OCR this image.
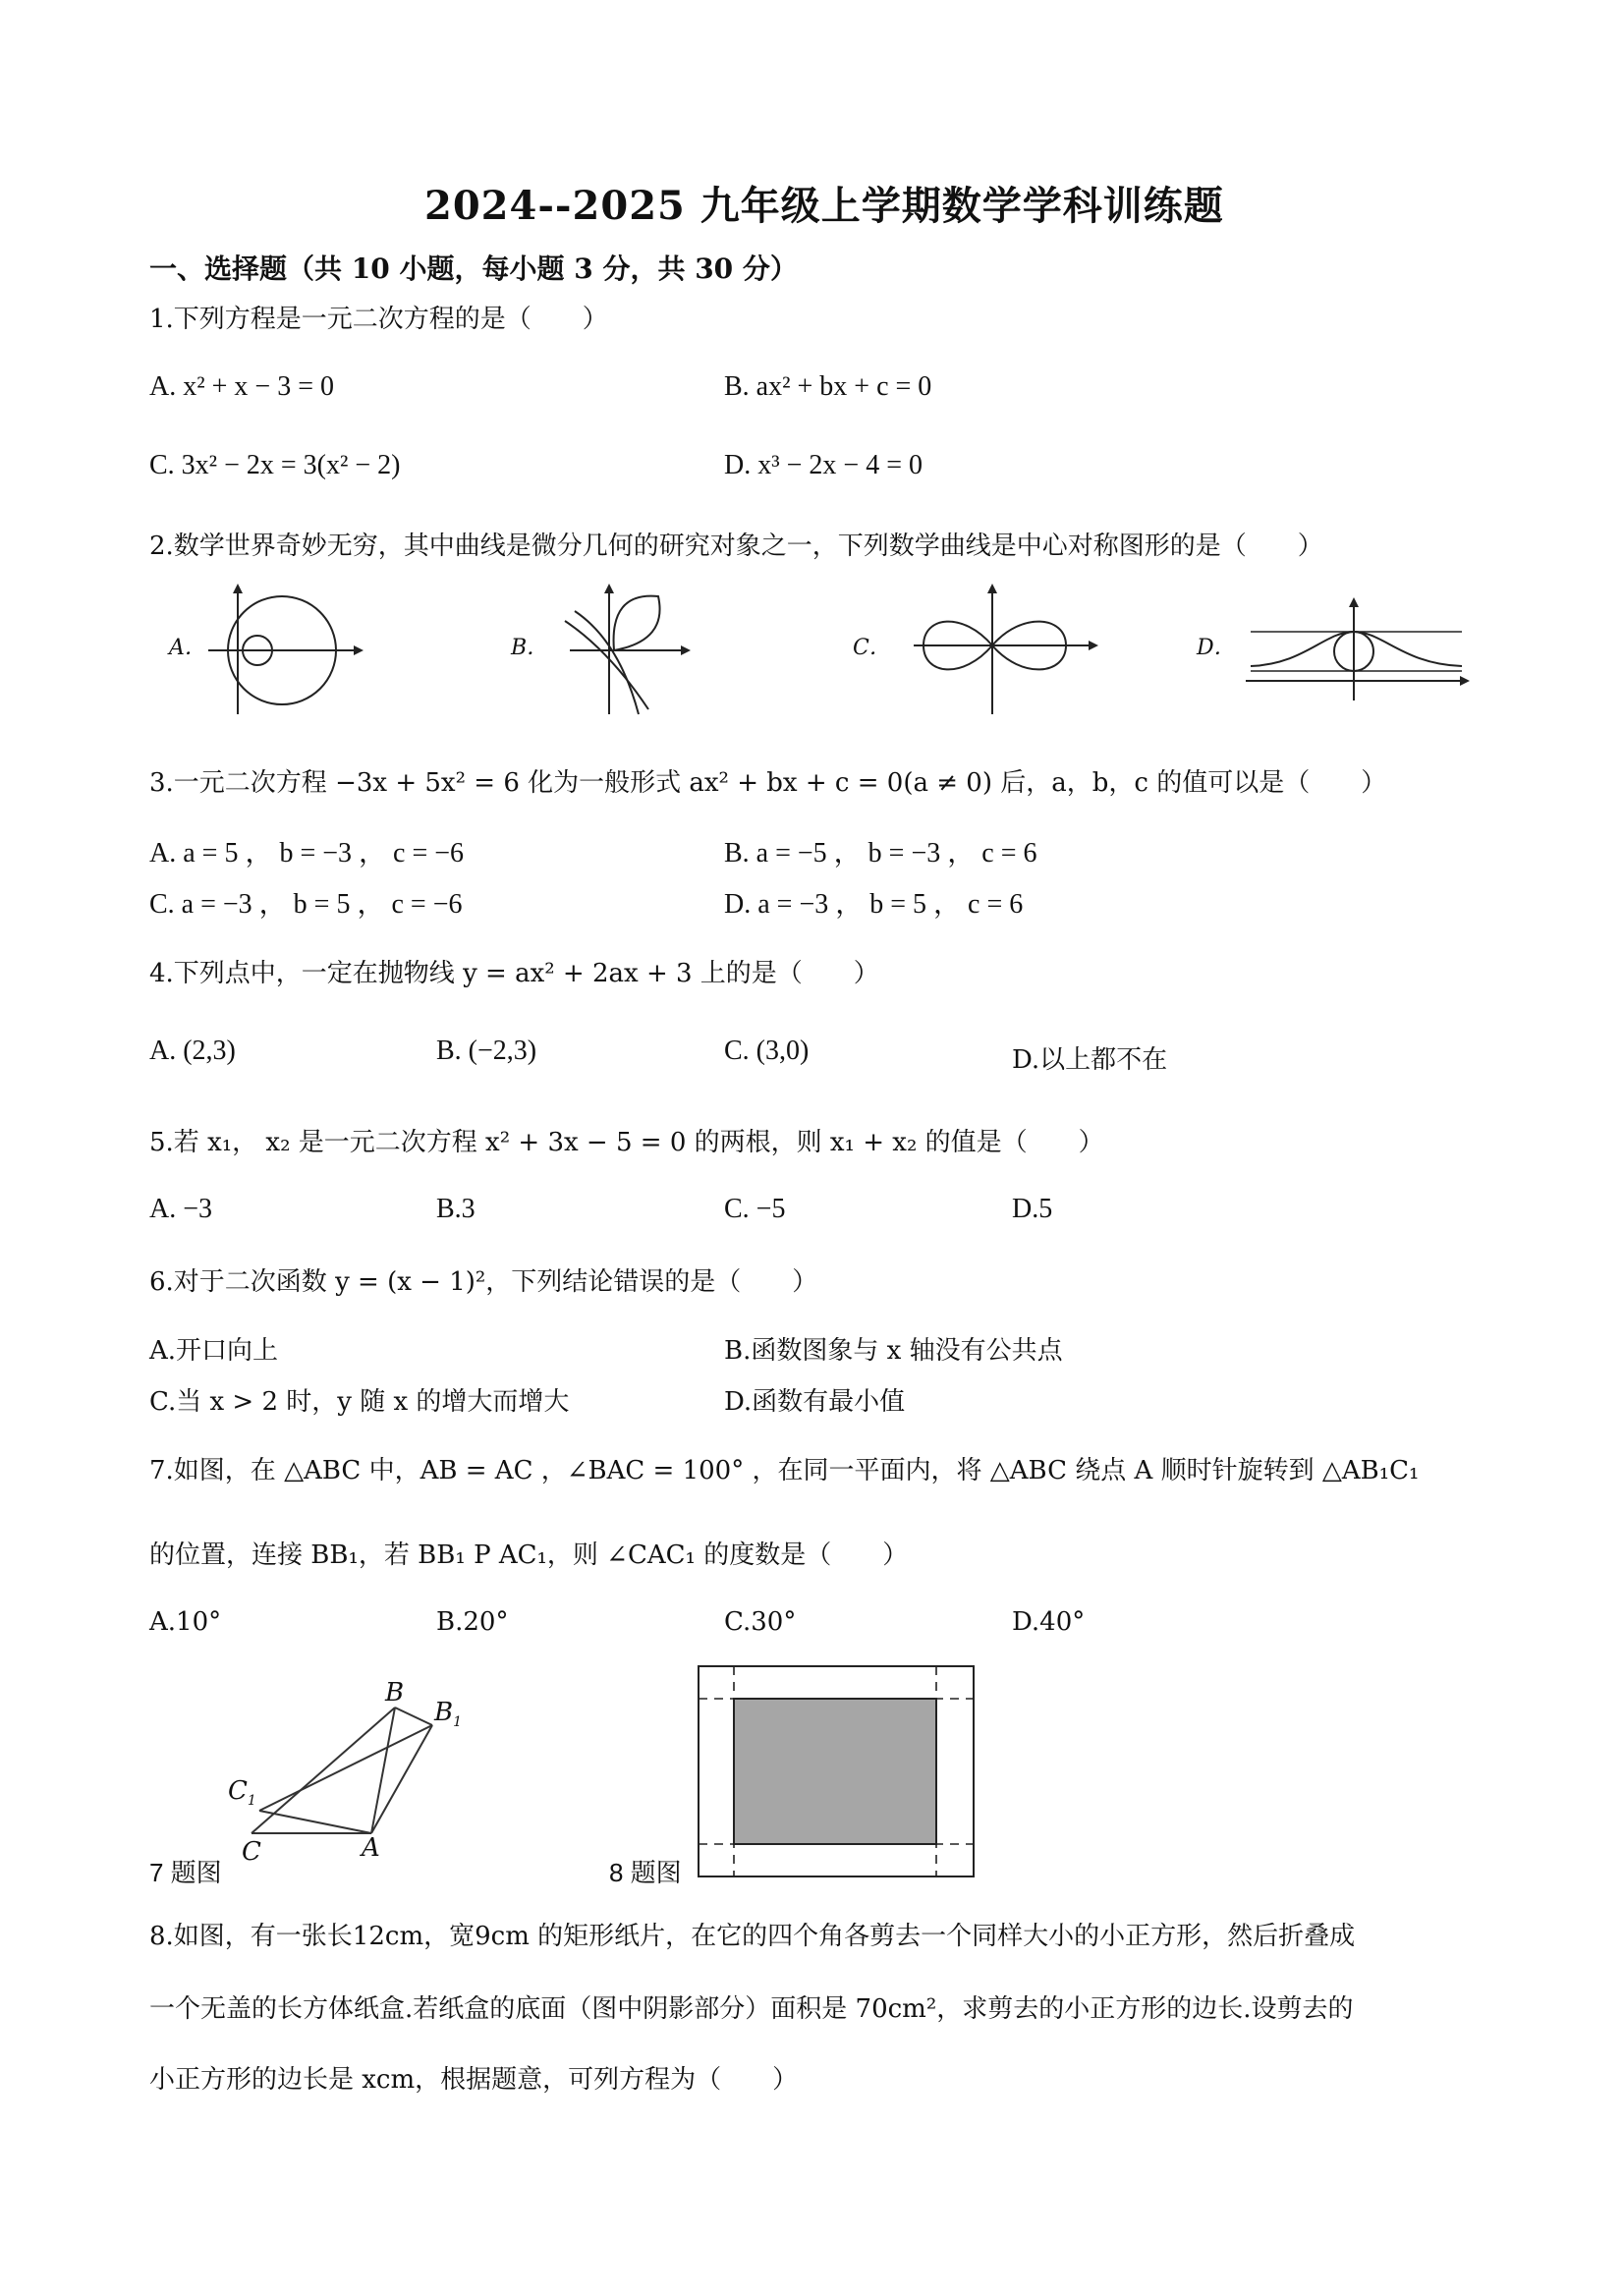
2024--2025 九年级上学期数学学科训练题
一、选择题（共 10 小题，每小题 3 分，共 30 分）
1.下列方程是一元二次方程的是（　　）
A. x² + x − 3 = 0	B. ax² + bx + c = 0
C. 3x² − 2x = 3(x² − 2)	D. x³ − 2x − 4 = 0
2.数学世界奇妙无穷，其中曲线是微分几何的研究对象之一，下列数学曲线是中心对称图形的是（　　）
A．	B．	C．	D．
3.一元二次方程 −3x + 5x² = 6 化为一般形式 ax² + bx + c = 0(a ≠ 0) 后，a，b，c 的值可以是（　　）
A. a = 5 ， b = −3 ， c = −6	B. a = −5 ， b = −3 ， c = 6
C. a = −3 ， b = 5 ， c = −6	D. a = −3 ， b = 5 ， c = 6
4.下列点中，一定在抛物线 y = ax² + 2ax + 3 上的是（　　）
A. (2,3)	B. (−2,3)	C. (3,0)	D.以上都不在
5.若 x₁， x₂ 是一元二次方程 x² + 3x − 5 = 0 的两根，则 x₁ + x₂ 的值是（　　）
A. −3	B.3	C. −5	D.5
6.对于二次函数 y = (x − 1)²，下列结论错误的是（　　）
A.开口向上	B.函数图象与 x 轴没有公共点
C.当 x > 2 时，y 随 x 的增大而增大	D.函数有最小值
7.如图，在 △ABC 中，AB = AC ，∠BAC = 100° ，在同一平面内，将 △ABC 绕点 A 顺时针旋转到 △AB₁C₁
的位置，连接 BB₁，若 BB₁ P AC₁，则 ∠CAC₁ 的度数是（　　）
A.10°	B.20°	C.30°	D.40°
B
$B_1$
$C_1$
C	A
7 题图	8 题图
8.如图，有一张长12cm，宽9cm 的矩形纸片，在它的四个角各剪去一个同样大小的小正方形，然后折叠成
一个无盖的长方体纸盒.若纸盒的底面（图中阴影部分）面积是 70cm²，求剪去的小正方形的边长.设剪去的
小正方形的边长是 xcm，根据题意，可列方程为（　　）
